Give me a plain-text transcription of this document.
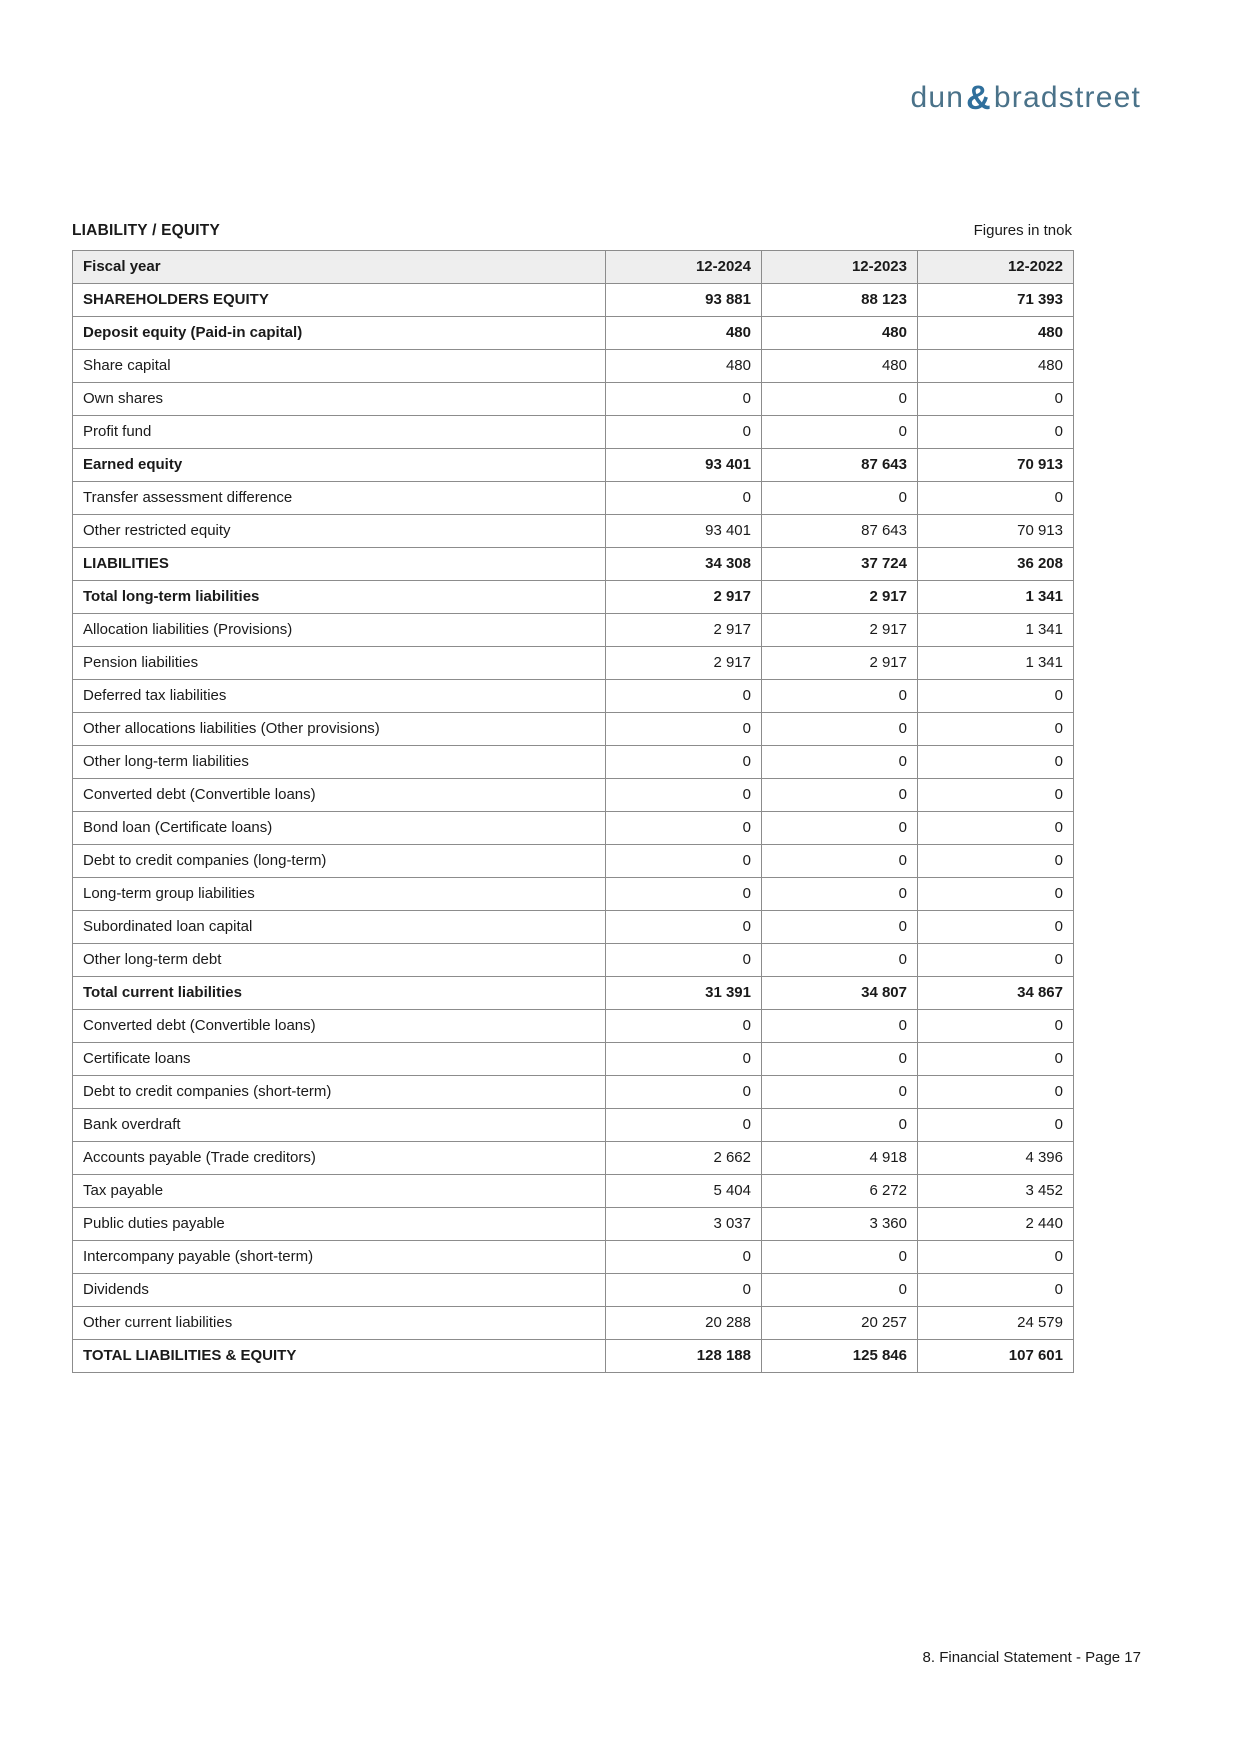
dun & bradstreet
LIABILITY / EQUITY	Figures in tnok
Fiscal year	12-2024	12-2023	12-2022
SHAREHOLDERS EQUITY	93 881	88 123	71 393
Deposit equity (Paid-in capital)	480	480	480
Share capital	480	480	480
Own shares	0	0	0
Profit fund	0	0	0
Earned equity	93 401	87 643	70 913
Transfer assessment difference	0	0	0
Other restricted equity	93 401	87 643	70 913
LIABILITIES	34 308	37 724	36 208
Total long-term liabilities	2 917	2 917	1 341
Allocation liabilities (Provisions)	2 917	2 917	1 341
Pension liabilities	2 917	2 917	1 341
Deferred tax liabilities	0	0	0
Other allocations liabilities (Other provisions)	0	0	0
Other long-term liabilities	0	0	0
Converted debt (Convertible loans)	0	0	0
Bond loan (Certificate loans)	0	0	0
Debt to credit companies (long-term)	0	0	0
Long-term group liabilities	0	0	0
Subordinated loan capital	0	0	0
Other long-term debt	0	0	0
Total current liabilities	31 391	34 807	34 867
Converted debt (Convertible loans)	0	0	0
Certificate loans	0	0	0
Debt to credit companies (short-term)	0	0	0
Bank overdraft	0	0	0
Accounts payable (Trade creditors)	2 662	4 918	4 396
Tax payable	5 404	6 272	3 452
Public duties payable	3 037	3 360	2 440
Intercompany payable (short-term)	0	0	0
Dividends	0	0	0
Other current liabilities	20 288	20 257	24 579
TOTAL LIABILITIES & EQUITY	128 188	125 846	107 601
8. Financial Statement - Page 17
